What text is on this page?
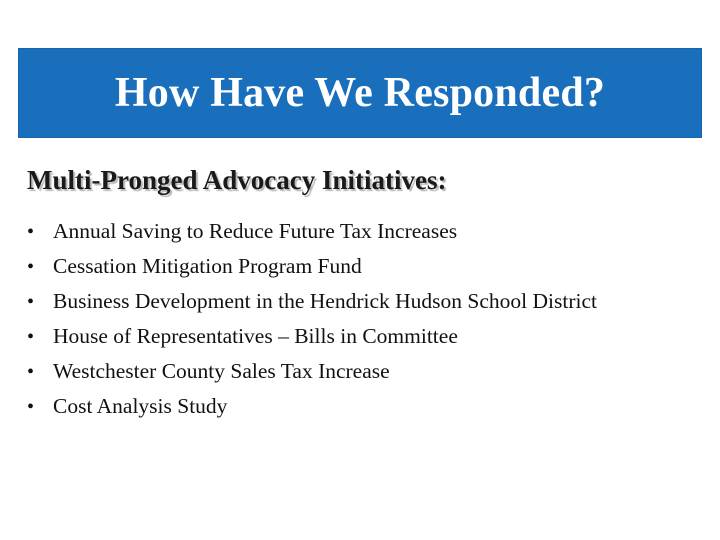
How Have We Responded?
Multi-Pronged Advocacy Initiatives:
• Annual Saving to Reduce Future Tax Increases
• Cessation Mitigation Program Fund
• Business Development in the Hendrick Hudson School District
• House of Representatives – Bills in Committee
• Westchester County Sales Tax Increase
• Cost Analysis Study
